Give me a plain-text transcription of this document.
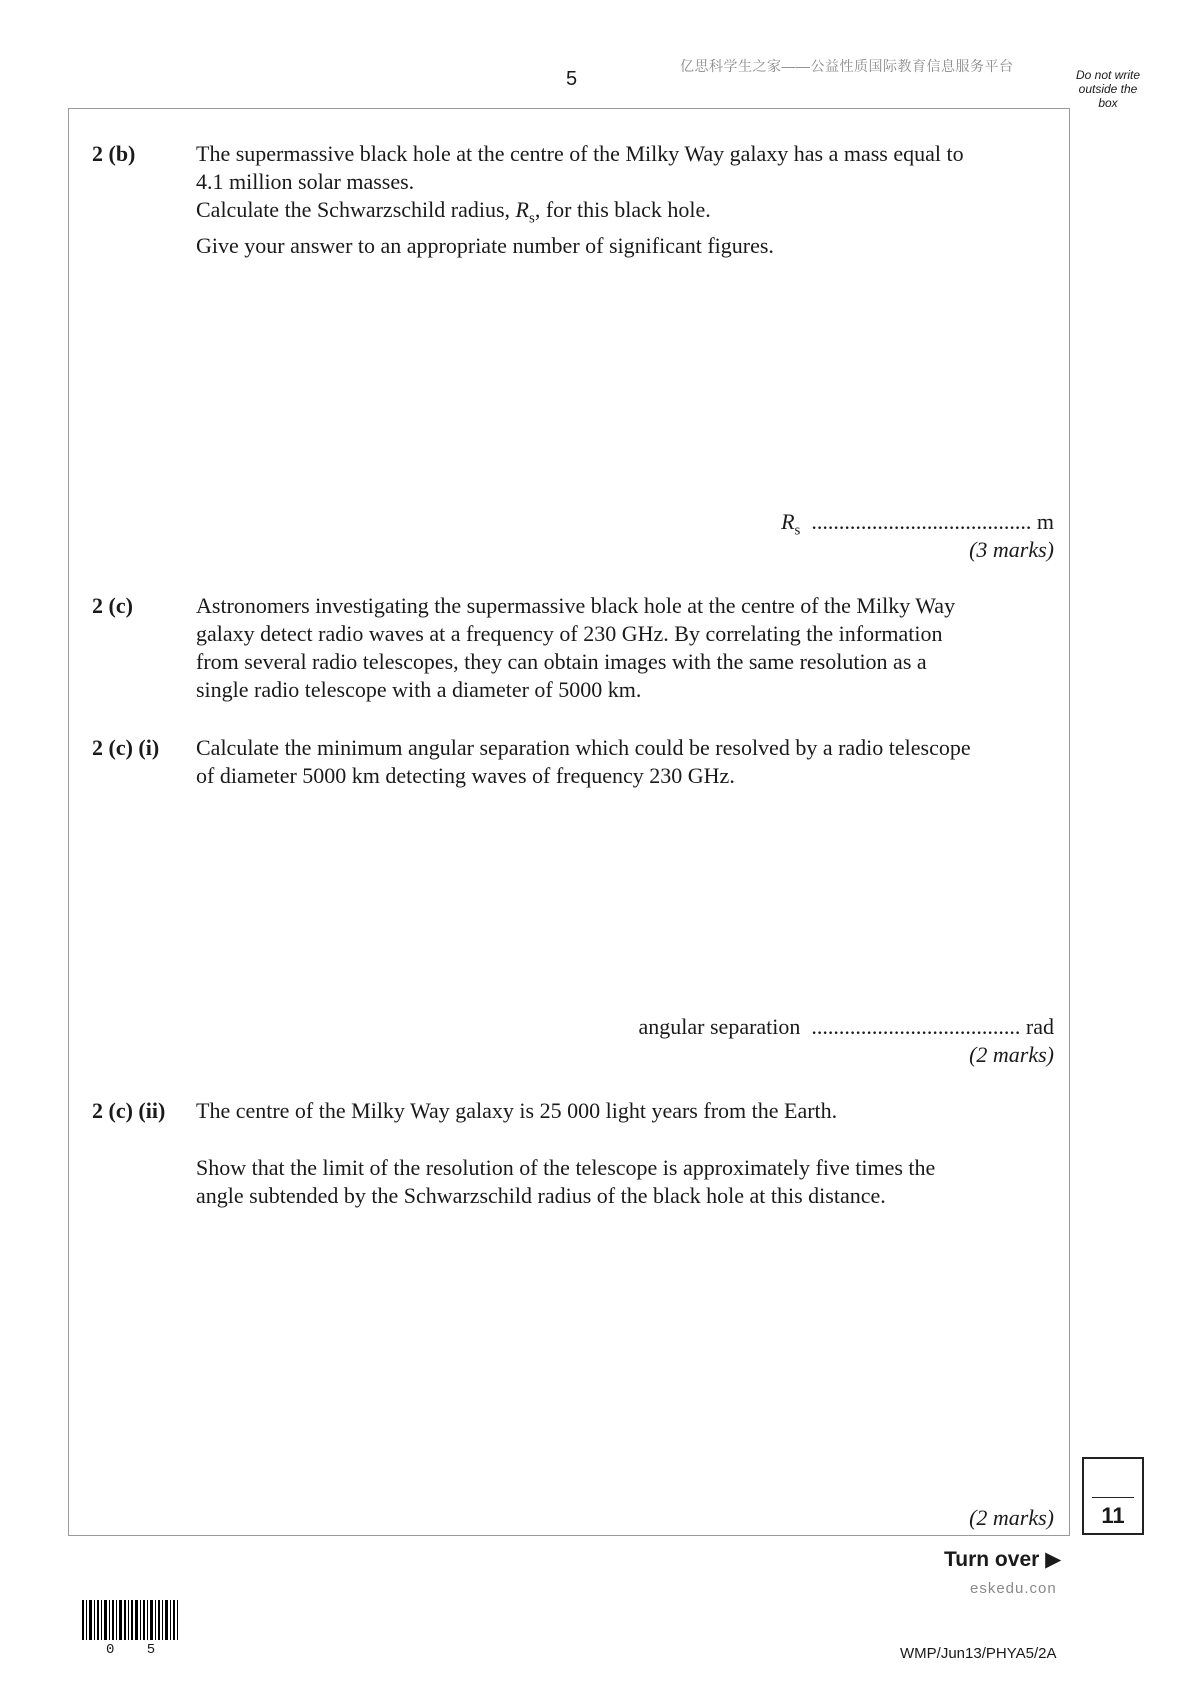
5
亿思科学生之家——公益性质国际教育信息服务平台
Do not write
outside the
box
2 (b)	The supermassive black hole at the centre of the Milky Way galaxy has a mass equal to
4.1 million solar masses.
Calculate the Schwarzschild radius, $R_s$, for this black hole.
Give your answer to an appropriate number of significant figures.
$R_s$ ........................................ m
(3 marks)
2 (c)	Astronomers investigating the supermassive black hole at the centre of the Milky Way
galaxy detect radio waves at a frequency of 230 GHz. By correlating the information
from several radio telescopes, they can obtain images with the same resolution as a
single radio telescope with a diameter of 5000 km.
2 (c) (i) Calculate the minimum angular separation which could be resolved by a radio telescope
of diameter 5000 km detecting waves of frequency 230 GHz.
angular separation ...................................... rad
(2 marks)
2 (c) (ii) The centre of the Milky Way galaxy is 25 000 light years from the Earth.
Show that the limit of the resolution of the telescope is approximately five times the
angle subtended by the Schwarzschild radius of the black hole at this distance.
(2 marks)	11
Turn over ▶
eskedu.con
0 5	WMP/Jun13/PHYA5/2A
